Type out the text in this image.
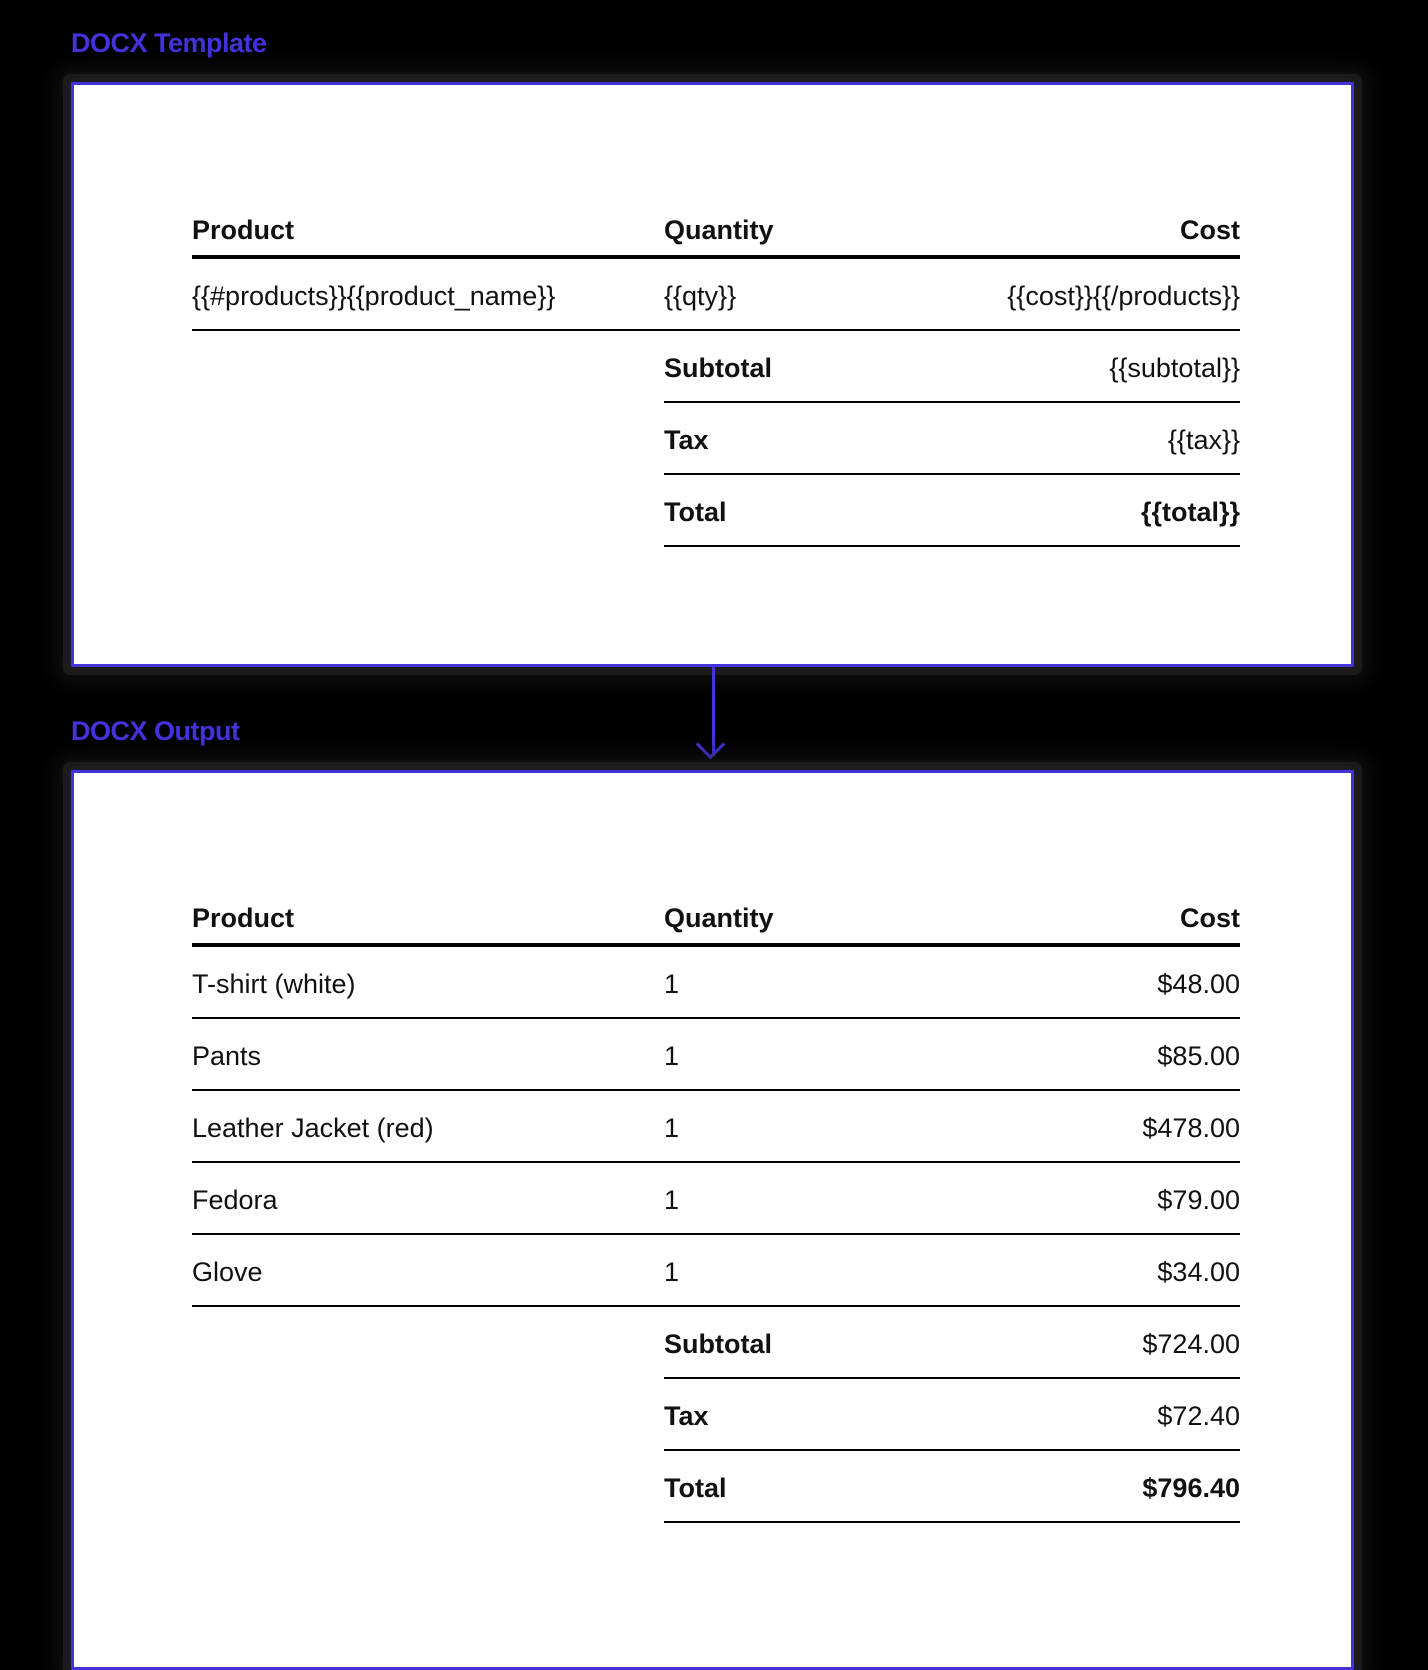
DOCX Template
Product	Quantity	Cost
{{#products}}{{product_name}}	{{qty}}	{{cost}}{{/products}}
Subtotal	{{subtotal}}
Tax	{{tax}}
Total	{{total}}
DOCX Output
Product	Quantity	Cost
T-shirt (white)	1	$48.00
Pants	1	$85.00
Leather Jacket (red)	1	$478.00
Fedora	1	$79.00
Glove	1	$34.00
Subtotal	$724.00
Tax	$72.40
Total	$796.40
